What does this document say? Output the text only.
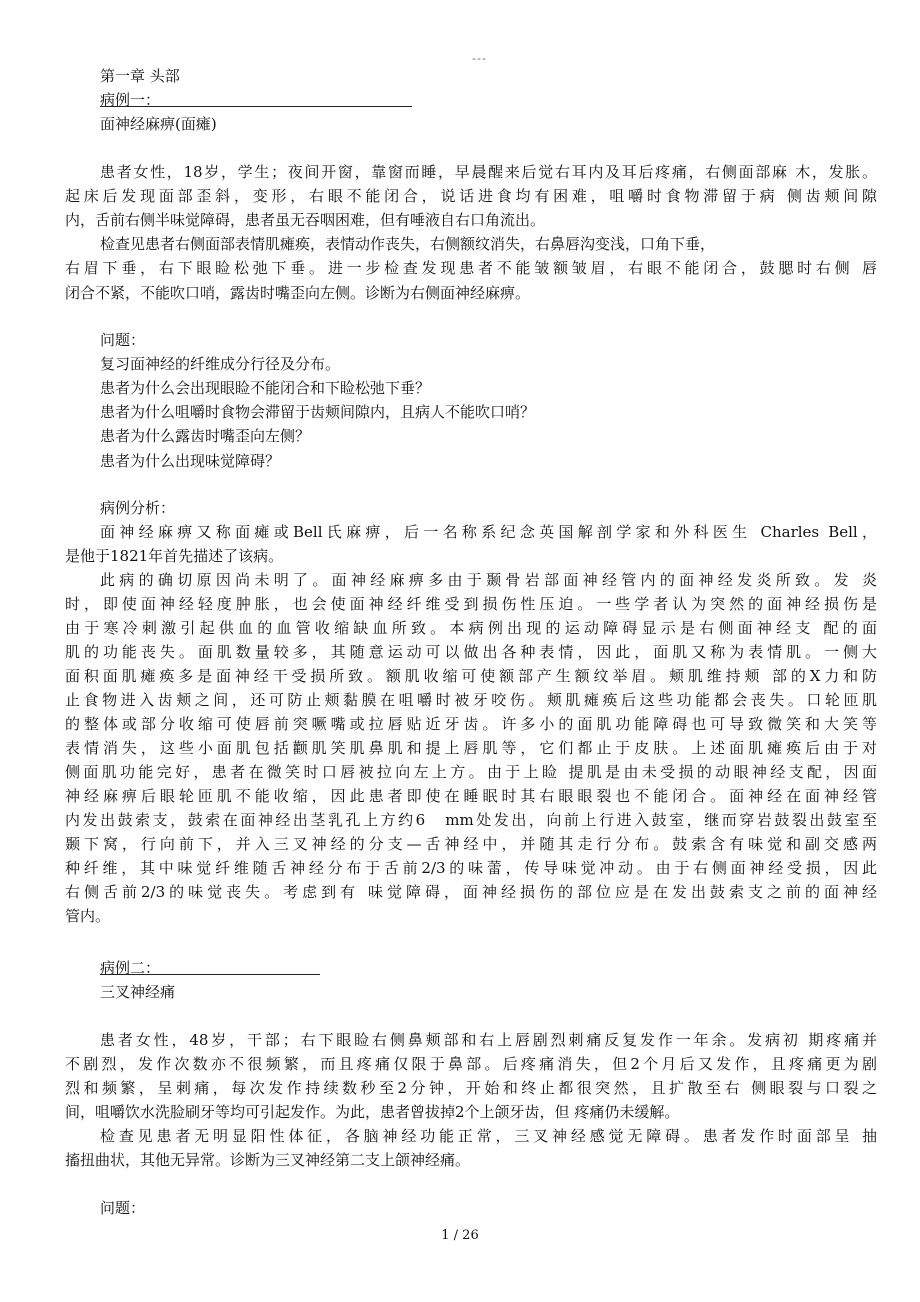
---
第一章 头部
病例一：
面神经麻痹(面瘫)
患者女性，18岁，学生；夜间开窗，靠窗而睡，早晨醒来后觉右耳内及耳后疼痛，右侧面部麻 木，发胀。
起床后发现面部歪斜，变形，右眼不能闭合，说话进食均有困难，咀嚼时食物滞留于病 侧齿颊间隙
内，舌前右侧半味觉障碍，患者虽无吞咽困难，但有唾液自右口角流出。
检查见患者右侧面部表情肌瘫痪，表情动作丧失，右侧额纹消失，右鼻唇沟变浅，口角下垂，
右眉下垂，右下眼睑松弛下垂。进一步检查发现患者不能皱额皱眉，右眼不能闭合，鼓腮时右侧 唇
闭合不紧，不能吹口哨，露齿时嘴歪向左侧。诊断为右侧面神经麻痹。
问题：
复习面神经的纤维成分行径及分布。
患者为什么会出现眼睑不能闭合和下睑松弛下垂？
患者为什么咀嚼时食物会滞留于齿颊间隙内，且病人不能吹口哨？
患者为什么露齿时嘴歪向左侧？
患者为什么出现味觉障碍？
病例分析：
面神经麻痹又称面瘫或Bell氏麻痹，后一名称系纪念英国解剖学家和外科医生 Charles Bell，
是他于1821年首先描述了该病。
此病的确切原因尚未明了。面神经麻痹多由于颞骨岩部面神经管内的面神经发炎所致。发 炎
时，即使面神经轻度肿胀，也会使面神经纤维受到损伤性压迫。一些学者认为突然的面神经损伤是
由于寒冷刺激引起供血的血管收缩缺血所致。本病例出现的运动障碍显示是右侧面神经支 配的面
肌的功能丧失。面肌数量较多，其随意运动可以做出各种表情，因此，面肌又称为表情肌。一侧大
面积面肌瘫痪多是面神经干受损所致。额肌收缩可使额部产生额纹举眉。颊肌维持颊 部的X力和防
止食物进入齿颊之间，还可防止颊黏膜在咀嚼时被牙咬伤。颊肌瘫痪后这些功能都会丧失。口轮匝肌
的整体或部分收缩可使唇前突噘嘴或拉唇贴近牙齿。许多小的面肌功能障碍也可导致微笑和大笑等
表情消失，这些小面肌包括颧肌笑肌鼻肌和提上唇肌等，它们都止于皮肤。上述面肌瘫痪后由于对
侧面肌功能完好，患者在微笑时口唇被拉向左上方。由于上睑 提肌是由未受损的动眼神经支配，因面
神经麻痹后眼轮匝肌不能收缩，因此患者即使在睡眠时其右眼眼裂也不能闭合。面神经在面神经管
内发出鼓索支，鼓索在面神经出茎乳孔上方约6　mm处发出，向前上行进入鼓室，继而穿岩鼓裂出鼓室至
颞下窝，行向前下，并入三叉神经的分支—舌神经中，并随其走行分布。鼓索含有味觉和副交感两
种纤维，其中味觉纤维随舌神经分布于舌前2/3的味蕾，传导味觉冲动。由于右侧面神经受损，因此
右侧舌前2/3的味觉丧失。考虑到有 味觉障碍，面神经损伤的部位应是在发出鼓索支之前的面神经
管内。
病例二：
三叉神经痛
患者女性，48岁，干部；右下眼睑右侧鼻颊部和右上唇剧烈刺痛反复发作一年余。发病初 期疼痛并
不剧烈，发作次数亦不很频繁，而且疼痛仅限于鼻部。后疼痛消失，但2个月后又发作，且疼痛更为剧
烈和频繁，呈刺痛，每次发作持续数秒至2分钟，开始和终止都很突然，且扩散至右 侧眼裂与口裂之
间，咀嚼饮水洗脸刷牙等均可引起发作。为此，患者曾拔掉2个上颌牙齿，但 疼痛仍未缓解。
检查见患者无明显阳性体征，各脑神经功能正常，三叉神经感觉无障碍。患者发作时面部呈 抽
搐扭曲状，其他无异常。诊断为三叉神经第二支上颌神经痛。
问题：
1 / 26
